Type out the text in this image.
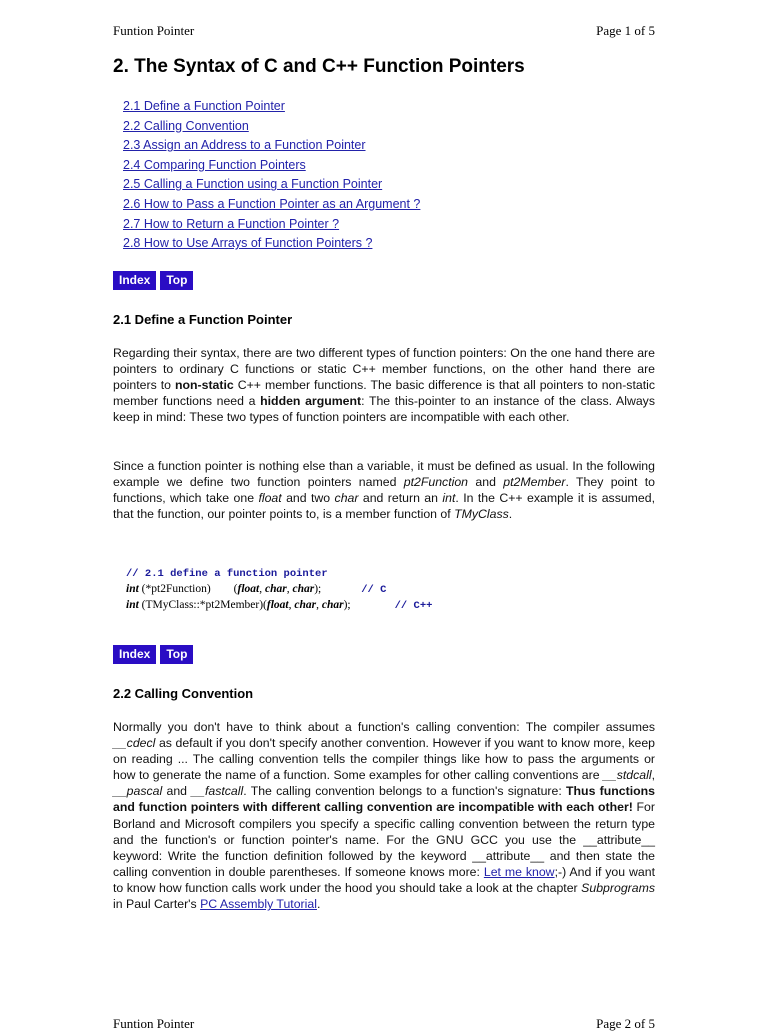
Funtion Pointer	Page 1 of 5
2. The Syntax of C and C++ Function Pointers
2.1 Define a Function Pointer
2.2 Calling Convention
2.3 Assign an Address to a Function Pointer
2.4 Comparing Function Pointers
2.5 Calling a Function using a Function Pointer
2.6 How to Pass a Function Pointer as an Argument ?
2.7 How to Return a Function Pointer ?
2.8 How to Use Arrays of Function Pointers ?
Index Top
2.1 Define a Function Pointer

Regarding their syntax, there are two different types of function pointers: On the one hand there are pointers to ordinary C functions or static C++ member functions, on the other hand there are pointers to non-static C++ member functions. The basic difference is that all pointers to non-static member functions need a hidden argument: The this-pointer to an instance of the class. Always keep in mind: These two types of function pointers are incompatible with each other.

Since a function pointer is nothing else than a variable, it must be defined as usual. In the following example we define two function pointers named pt2Function and pt2Member. They point to functions, which take one float and two char and return an int. In the C++ example it is assumed, that the function, our pointer points to, is a member function of TMyClass.

// 2.1 define a function pointer
int (*pt2Function)        (float, char, char);	// C
int (TMyClass::*pt2Member)(float, char, char);	// C++
Index Top
2.2 Calling Convention

Normally you don't have to think about a function's calling convention: The compiler assumes __cdecl as default if you don't specify another convention. However if you want to know more, keep on reading ... The calling convention tells the compiler things like how to pass the arguments or how to generate the name of a function. Some examples for other calling conventions are __stdcall, __pascal and __fastcall. The calling convention belongs to a function's signature: Thus functions and function pointers with different calling convention are incompatible with each other! For Borland and Microsoft compilers you specify a specific calling convention between the return type and the function's or function pointer's name. For the GNU GCC you use the __attribute__ keyword: Write the function definition followed by the keyword __attribute__ and then state the calling convention in double parentheses. If someone knows more: Let me know;-) And if you want to know how function calls work under the hood you should take a look at the chapter Subprograms in Paul Carter's PC Assembly Tutorial.

Funtion Pointer	Page 2 of 5
